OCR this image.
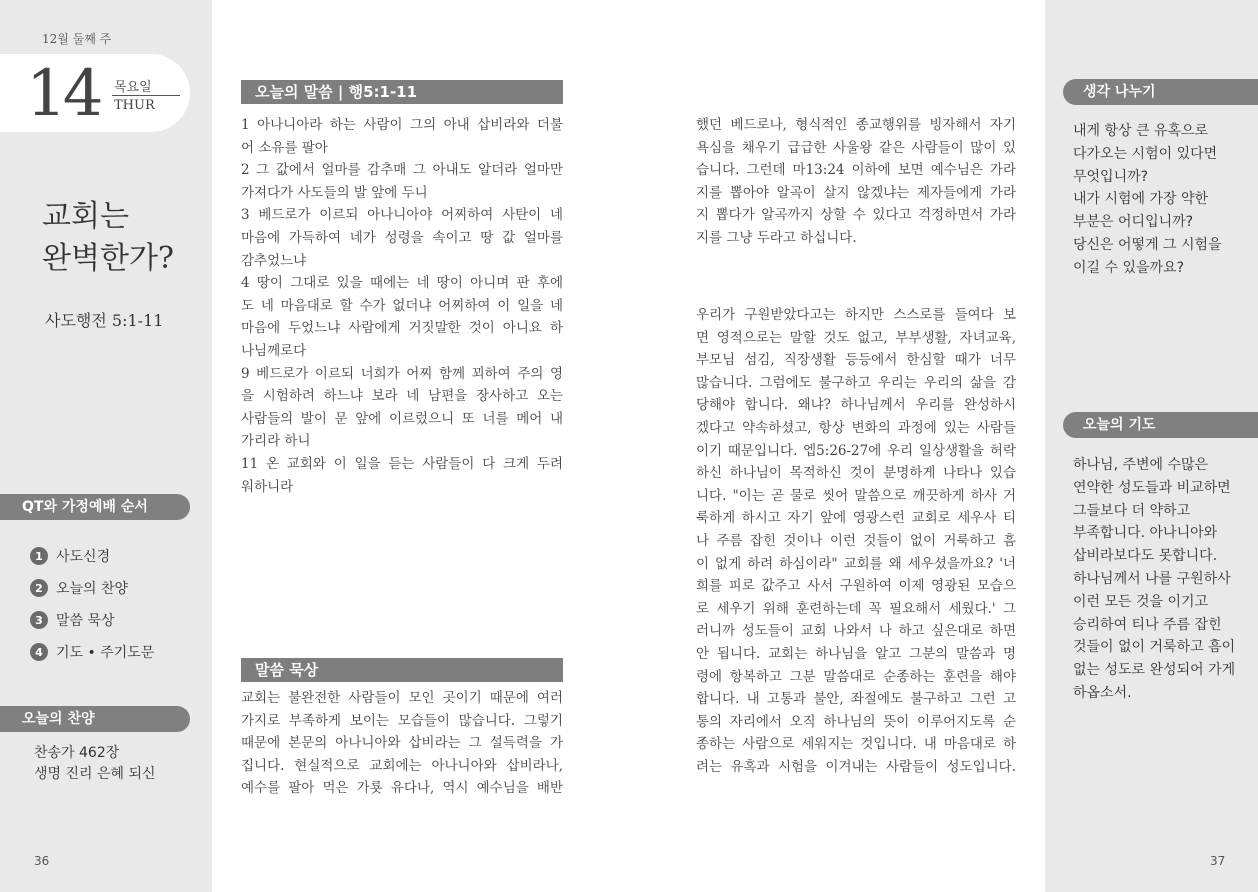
12월 둘째 주
14 목요일
THUR
교회는
완벽한가?
사도행전 5:1-11
QT와 가정예배 순서
1 사도신경
2 오늘의 찬양
3 말씀 묵상
4 기도 • 주기도문
오늘의 찬양
찬송가 462장
생명 진리 은혜 되신
36
오늘의 말씀 | 행5:1-11
1 아나니아라 하는 사람이 그의 아내 삽비라와 더불
어 소유를 팔아
2 그 값에서 얼마를 감추매 그 아내도 알더라 얼마만
가져다가 사도들의 발 앞에 두니
3 베드로가 이르되 아나니아야 어찌하여 사탄이 네
마음에 가득하여 네가 성령을 속이고 땅 값 얼마를
감추었느냐
4 땅이 그대로 있을 때에는 네 땅이 아니며 판 후에
도 네 마음대로 할 수가 없더냐 어찌하여 이 일을 네
마음에 두었느냐 사람에게 거짓말한 것이 아니요 하
나님께로다
9 베드로가 이르되 너희가 어찌 함께 꾀하여 주의 영
을 시험하려 하느냐 보라 네 남편을 장사하고 오는
사람들의 발이 문 앞에 이르렀으니 또 너를 메어 내
가리라 하니
11 온 교회와 이 일을 듣는 사람들이 다 크게 두려
워하니라
말씀 묵상
교회는 불완전한 사람들이 모인 곳이기 때문에 여러
가지로 부족하게 보이는 모습들이 많습니다. 그렇기
때문에 본문의 아나니아와 삽비라는 그 설득력을 가
집니다. 현실적으로 교회에는 아나니아와 삽비라나,
예수를 팔아 먹은 가룟 유다나, 역시 예수님을 배반
했던 베드로나, 형식적인 종교행위를 빙자해서 자기
욕심을 채우기 급급한 사울왕 같은 사람들이 많이 있
습니다. 그런데 마13:24 이하에 보면 예수님은 가라
지를 뽑아야 알곡이 살지 않겠냐는 제자들에게 가라
지 뽑다가 알곡까지 상할 수 있다고 걱정하면서 가라
지를 그냥 두라고 하십니다.
우리가 구원받았다고는 하지만 스스로를 들여다 보
면 영적으로는 말할 것도 없고, 부부생활, 자녀교육,
부모님 섬김, 직장생활 등등에서 한심할 때가 너무
많습니다. 그럼에도 불구하고 우리는 우리의 삶을 감
당해야 합니다. 왜냐? 하나님께서 우리를 완성하시
겠다고 약속하셨고, 항상 변화의 과정에 있는 사람들
이기 때문입니다. 엡5:26-27에 우리 일상생활을 허락
하신 하나님이 목적하신 것이 분명하게 나타나 있습
니다. "이는 곧 물로 씻어 말씀으로 깨끗하게 하사 거
룩하게 하시고 자기 앞에 영광스런 교회로 세우사 티
나 주름 잡힌 것이나 이런 것들이 없이 거룩하고 흠
이 없게 하려 하심이라" 교회를 왜 세우셨을까요? '너
희를 피로 값주고 사서 구원하여 이제 영광된 모습으
로 세우기 위해 훈련하는데 꼭 필요해서 세웠다.' 그
러니까 성도들이 교회 나와서 나 하고 싶은대로 하면
안 됩니다. 교회는 하나님을 알고 그분의 말씀과 명
령에 항복하고 그분 말씀대로 순종하는 훈련을 해야
합니다. 내 고통과 불안, 좌절에도 불구하고 그런 고
통의 자리에서 오직 하나님의 뜻이 이루어지도록 순
종하는 사람으로 세워지는 것입니다. 내 마음대로 하
려는 유혹과 시험을 이겨내는 사람들이 성도입니다.
생각 나누기
내게 항상 큰 유혹으로
다가오는 시험이 있다면
무엇입니까?
내가 시험에 가장 약한
부분은 어디입니까?
당신은 어떻게 그 시험을
이길 수 있을까요?
오늘의 기도
하나님, 주변에 수많은
연약한 성도들과 비교하면
그들보다 더 약하고
부족합니다. 아나니아와
삽비라보다도 못합니다.
하나님께서 나를 구원하사
이런 모든 것을 이기고
승리하여 티나 주름 잡힌
것들이 없이 거룩하고 흠이
없는 성도로 완성되어 가게
하옵소서.
37
